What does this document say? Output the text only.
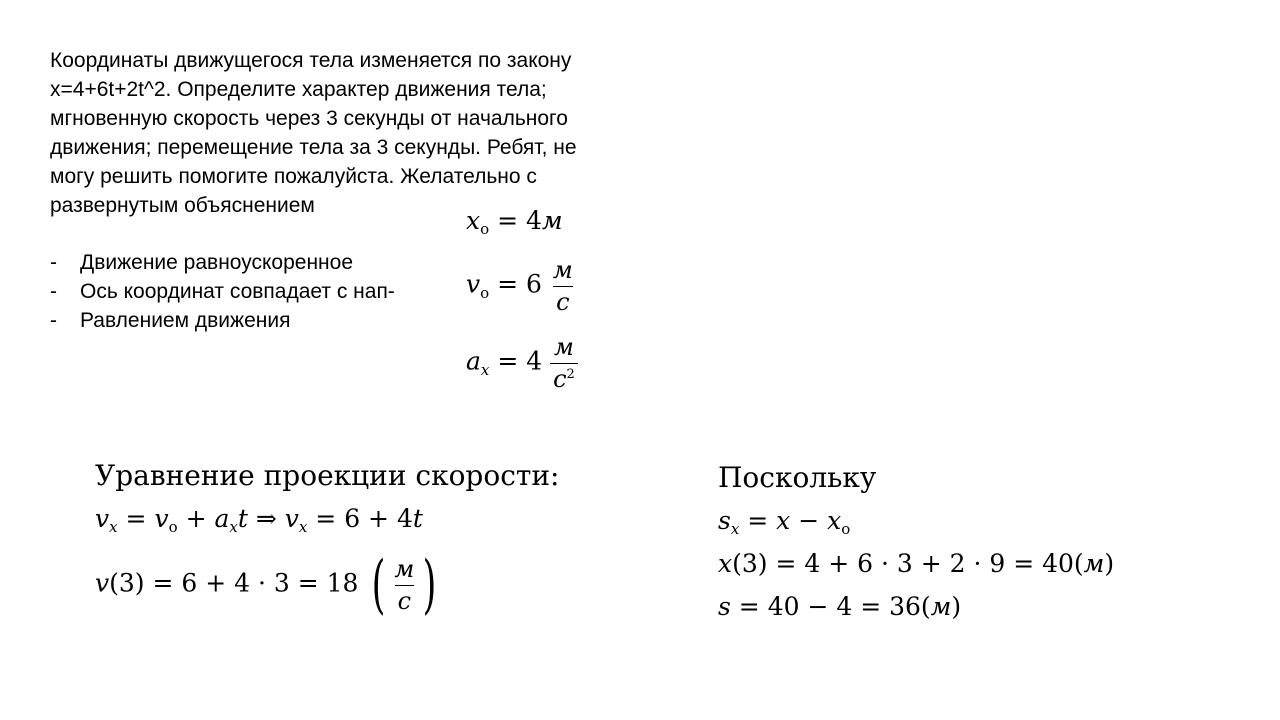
Координаты движущегося тела изменяется по закону

x=4+6t+2t^2. Определите характер движения тела;

мгновенную скорость через 3 секунды от начального

движения; перемещение тела за 3 секунды. Ребят, не

могу решить помогите пожалуйста. Желательно с

развернутым объяснением

-	Движение равноускоренное
-	Ось координат совпадает с нап-
-	Равлением движения
$x_о = 4м$
$v_о = 6 \frac{м}{с}$
$a_x = 4 \frac{м}{с^2}$
Уравнение проекции скорости:
$v_x = v_о + a_xt$ ⇒ $v_x = 6 + 4t$
v(3) = 6 + 4 · 3 = 18 ( $\frac{м}{с}$ )
Поскольку
$s_x = x - x_о$
x(3) = 4 + 6 · 3 + 2 · 9 = 40(м)
s = 40 − 4 = 36(м)
